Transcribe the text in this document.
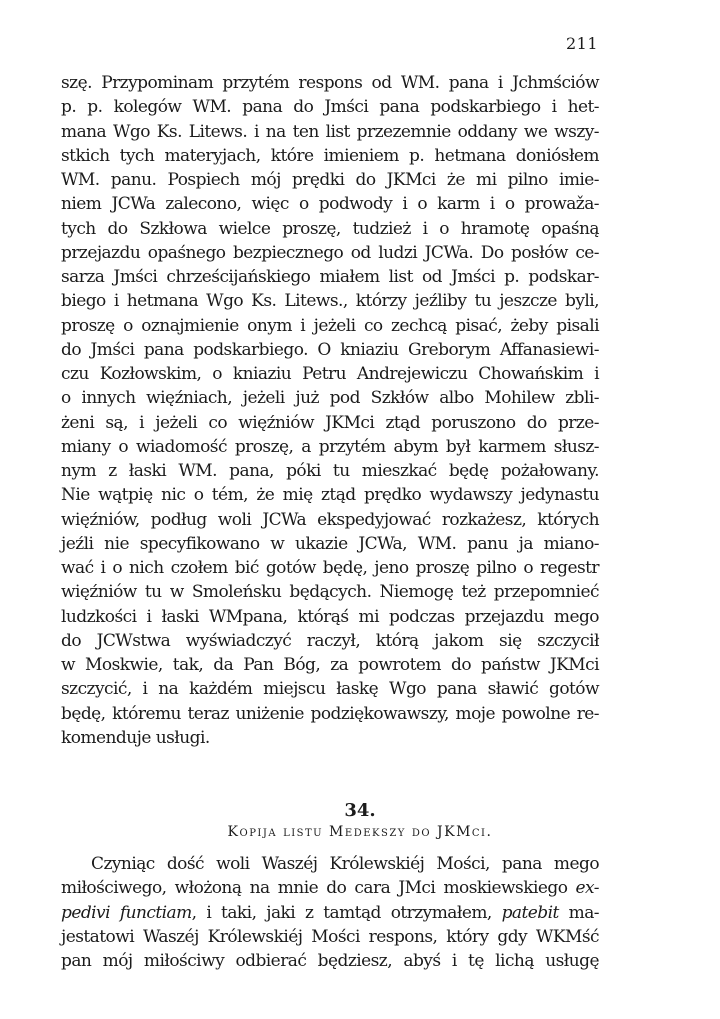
211
szę. Przypominam przytém respons od WM. pana i Jchmściów
p. p. kolegów WM. pana do Jmści pana podskarbiego i het-
mana Wgo Ks. Litews. i na ten list przezemnie oddany we wszy-
stkich tych materyjach, które imieniem p. hetmana doniósłem
WM. panu. Pospiech mój prędki do JKMci że mi pilno imie-
niem JCWa zalecono, więc o podwody i o karm i o prowaža-
tych do Szkłowa wielce proszę, tudzież i o hramotę opaśną
przejazdu opaśnego bezpiecznego od ludzi JCWa. Do posłów ce-
sarza Jmści chrześcijańskiego miałem list od Jmści p. podskar-
biego i hetmana Wgo Ks. Litews., którzy jeźliby tu jeszcze byli,
proszę o oznajmienie onym i jeżeli co zechcą pisać, żeby pisali
do Jmści pana podskarbiego. O kniaziu Greborym Affanasiewi-
czu Kozłowskim, o kniaziu Petru Andrejewiczu Chowańskim i
o innych więźniach, jeżeli już pod Szkłów albo Mohilew zbli-
żeni są, i jeżeli co więźniów JKMci ztąd poruszono do prze-
miany o wiadomość proszę, a przytém abym był karmem słusz-
nym z łaski WM. pana, póki tu mieszkać będę pożałowany.
Nie wątpię nic o tém, że mię ztąd prędko wydawszy jedynastu
więźniów, podług woli JCWa ekspedyjować rozkażesz, których
jeźli nie specyfikowano w ukazie JCWa, WM. panu ja miano-
wać i o nich czołem bić gotów będę, jeno proszę pilno o regestr
więźniów tu w Smoleńsku będących. Niemogę też przepomnieć
ludzkości i łaski WMpana, którąś mi podczas przejazdu mego
do JCWstwa wyświadczyć raczył, którą jakom się szczycił
w Moskwie, tak, da Pan Bóg, za powrotem do państw JKMci
szczycić, i na każdém miejscu łaskę Wgo pana sławić gotów
będę, któremu teraz uniżenie podziękowawszy, moje powolne re-
komenduje usługi.
34.
Kopija listu Medekszy do JKMci.
Czyniąc dość woli Waszéj Królewskiéj Mości, pana mego
miłościwego, włożoną na mnie do cara JMci moskiewskiego ex-
pedivi functiam, i taki, jaki z tamtąd otrzymałem, patebit ma-
jestatowi Waszéj Królewskiéj Mości respons, który gdy WKMść
pan mój miłościwy odbierać będziesz, abyś i tę lichą usługę
